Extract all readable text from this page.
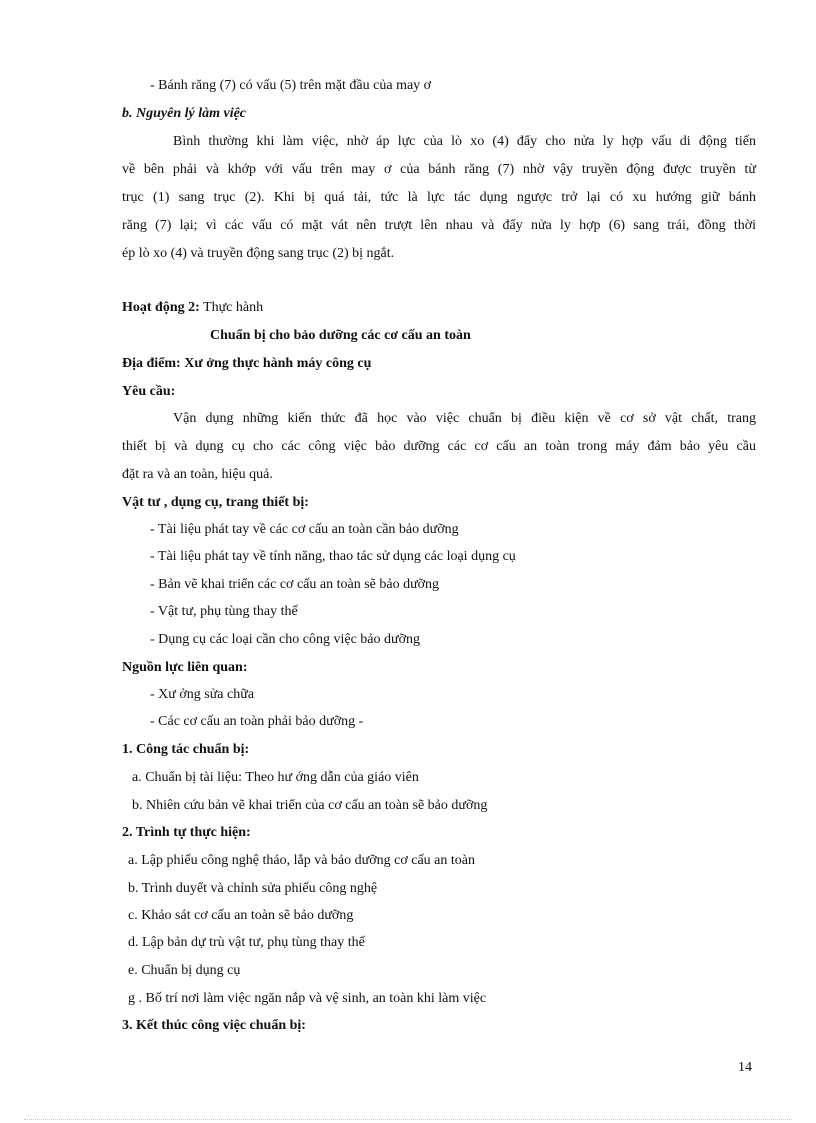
- Bánh răng (7) có vấu (5) trên mặt đầu của may ơ
b. Nguyên lý làm việc
Bình thường khi làm việc, nhờ áp lực của lò xo (4) đẩy cho nửa ly hợp vấu di động tiến
về bên phải và khớp với vấu trên may ơ của bánh răng (7) nhờ vậy truyền động được truyền từ
trục (1) sang trục (2). Khi bị quá tải, tức là lực tác dụng ngược trở lại có xu hướng giữ bánh
răng (7) lại; vì các vấu có mặt vát nên trượt lên nhau và đẩy nửa ly hợp (6) sang trái, đồng thời
ép lò xo (4) và truyền động sang trục (2) bị ngắt.
Hoạt động 2: Thực hành
Chuẩn bị cho bảo dưỡng các cơ cấu an toàn
Địa điểm: Xư ởng thực hành máy công cụ
Yêu cầu:
Vận dụng những kiến thức đã học vào việc chuẩn bị điều kiện về cơ sở vật chất, trang
thiết bị và dụng cụ cho các công việc bảo dưỡng các cơ cấu an toàn trong máy đảm bảo yêu cầu
đặt ra và an toàn, hiệu quả.
Vật tư , dụng cụ, trang thiết bị:
- Tài liệu phát tay về các cơ cấu an toàn cần bảo dưỡng
- Tài liệu phát tay về tính năng, thao tác sử dụng các loại dụng cụ
- Bản vẽ khai triển các cơ cấu an toàn sẽ bảo dưỡng
- Vật tư, phụ tùng thay thế
- Dụng cụ các loại cần cho công việc bảo dưỡng
Nguồn lực liên quan:
- Xư ởng sửa chữa
- Các cơ cấu an toàn phải bảo dưỡng -
1. Công tác chuẩn bị:
a. Chuẩn bị tài liệu: Theo hư ớng dẫn của giáo viên
b. Nhiên cứu bản vẽ khai triển của cơ cấu an toàn sẽ bảo dưỡng
2. Trình tự thực hiện:
a. Lập phiếu công nghệ tháo, lắp và bảo dưỡng cơ cấu an toàn
b. Trình duyết và chỉnh sửa phiếu công nghệ
c. Khảo sát cơ cấu an toàn sẽ bảo dưỡng
d. Lập bản dự trù vật tư, phụ tùng thay thế
e. Chuẩn bị dụng cụ
g . Bố trí nơi làm việc ngăn nắp và vệ sinh, an toàn khi làm việc
3. Kết thúc công việc chuẩn bị:
14
